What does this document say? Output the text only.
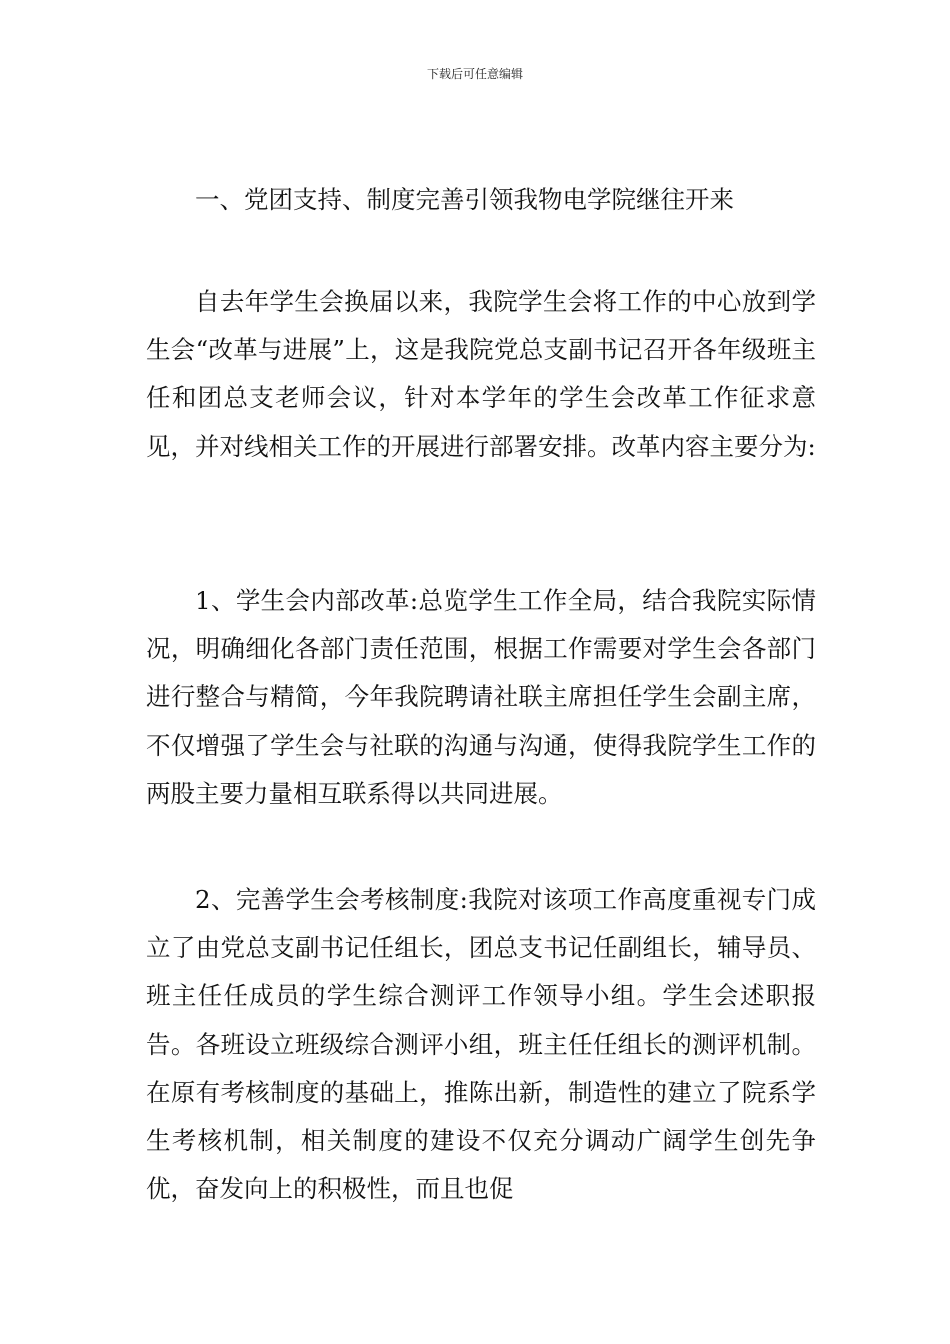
下载后可任意编辑
一、党团支持、制度完善引领我物电学院继往开来

自去年学生会换届以来，我院学生会将工作的中心放到学生会“改革与进展”上，这是我院党总支副书记召开各年级班主任和团总支老师会议，针对本学年的学生会改革工作征求意见，并对线相关工作的开展进行部署安排。改革内容主要分为:

1、学生会内部改革:总览学生工作全局，结合我院实际情况，明确细化各部门责任范围，根据工作需要对学生会各部门进行整合与精简，今年我院聘请社联主席担任学生会副主席，不仅增强了学生会与社联的沟通与沟通，使得我院学生工作的两股主要力量相互联系得以共同进展。

2、完善学生会考核制度:我院对该项工作高度重视专门成立了由党总支副书记任组长，团总支书记任副组长，辅导员、班主任任成员的学生综合测评工作领导小组。学生会述职报告。各班设立班级综合测评小组，班主任任组长的测评机制。在原有考核制度的基础上，推陈出新，制造性的建立了院系学生考核机制，相关制度的建设不仅充分调动广阔学生创先争优，奋发向上的积极性，而且也促
